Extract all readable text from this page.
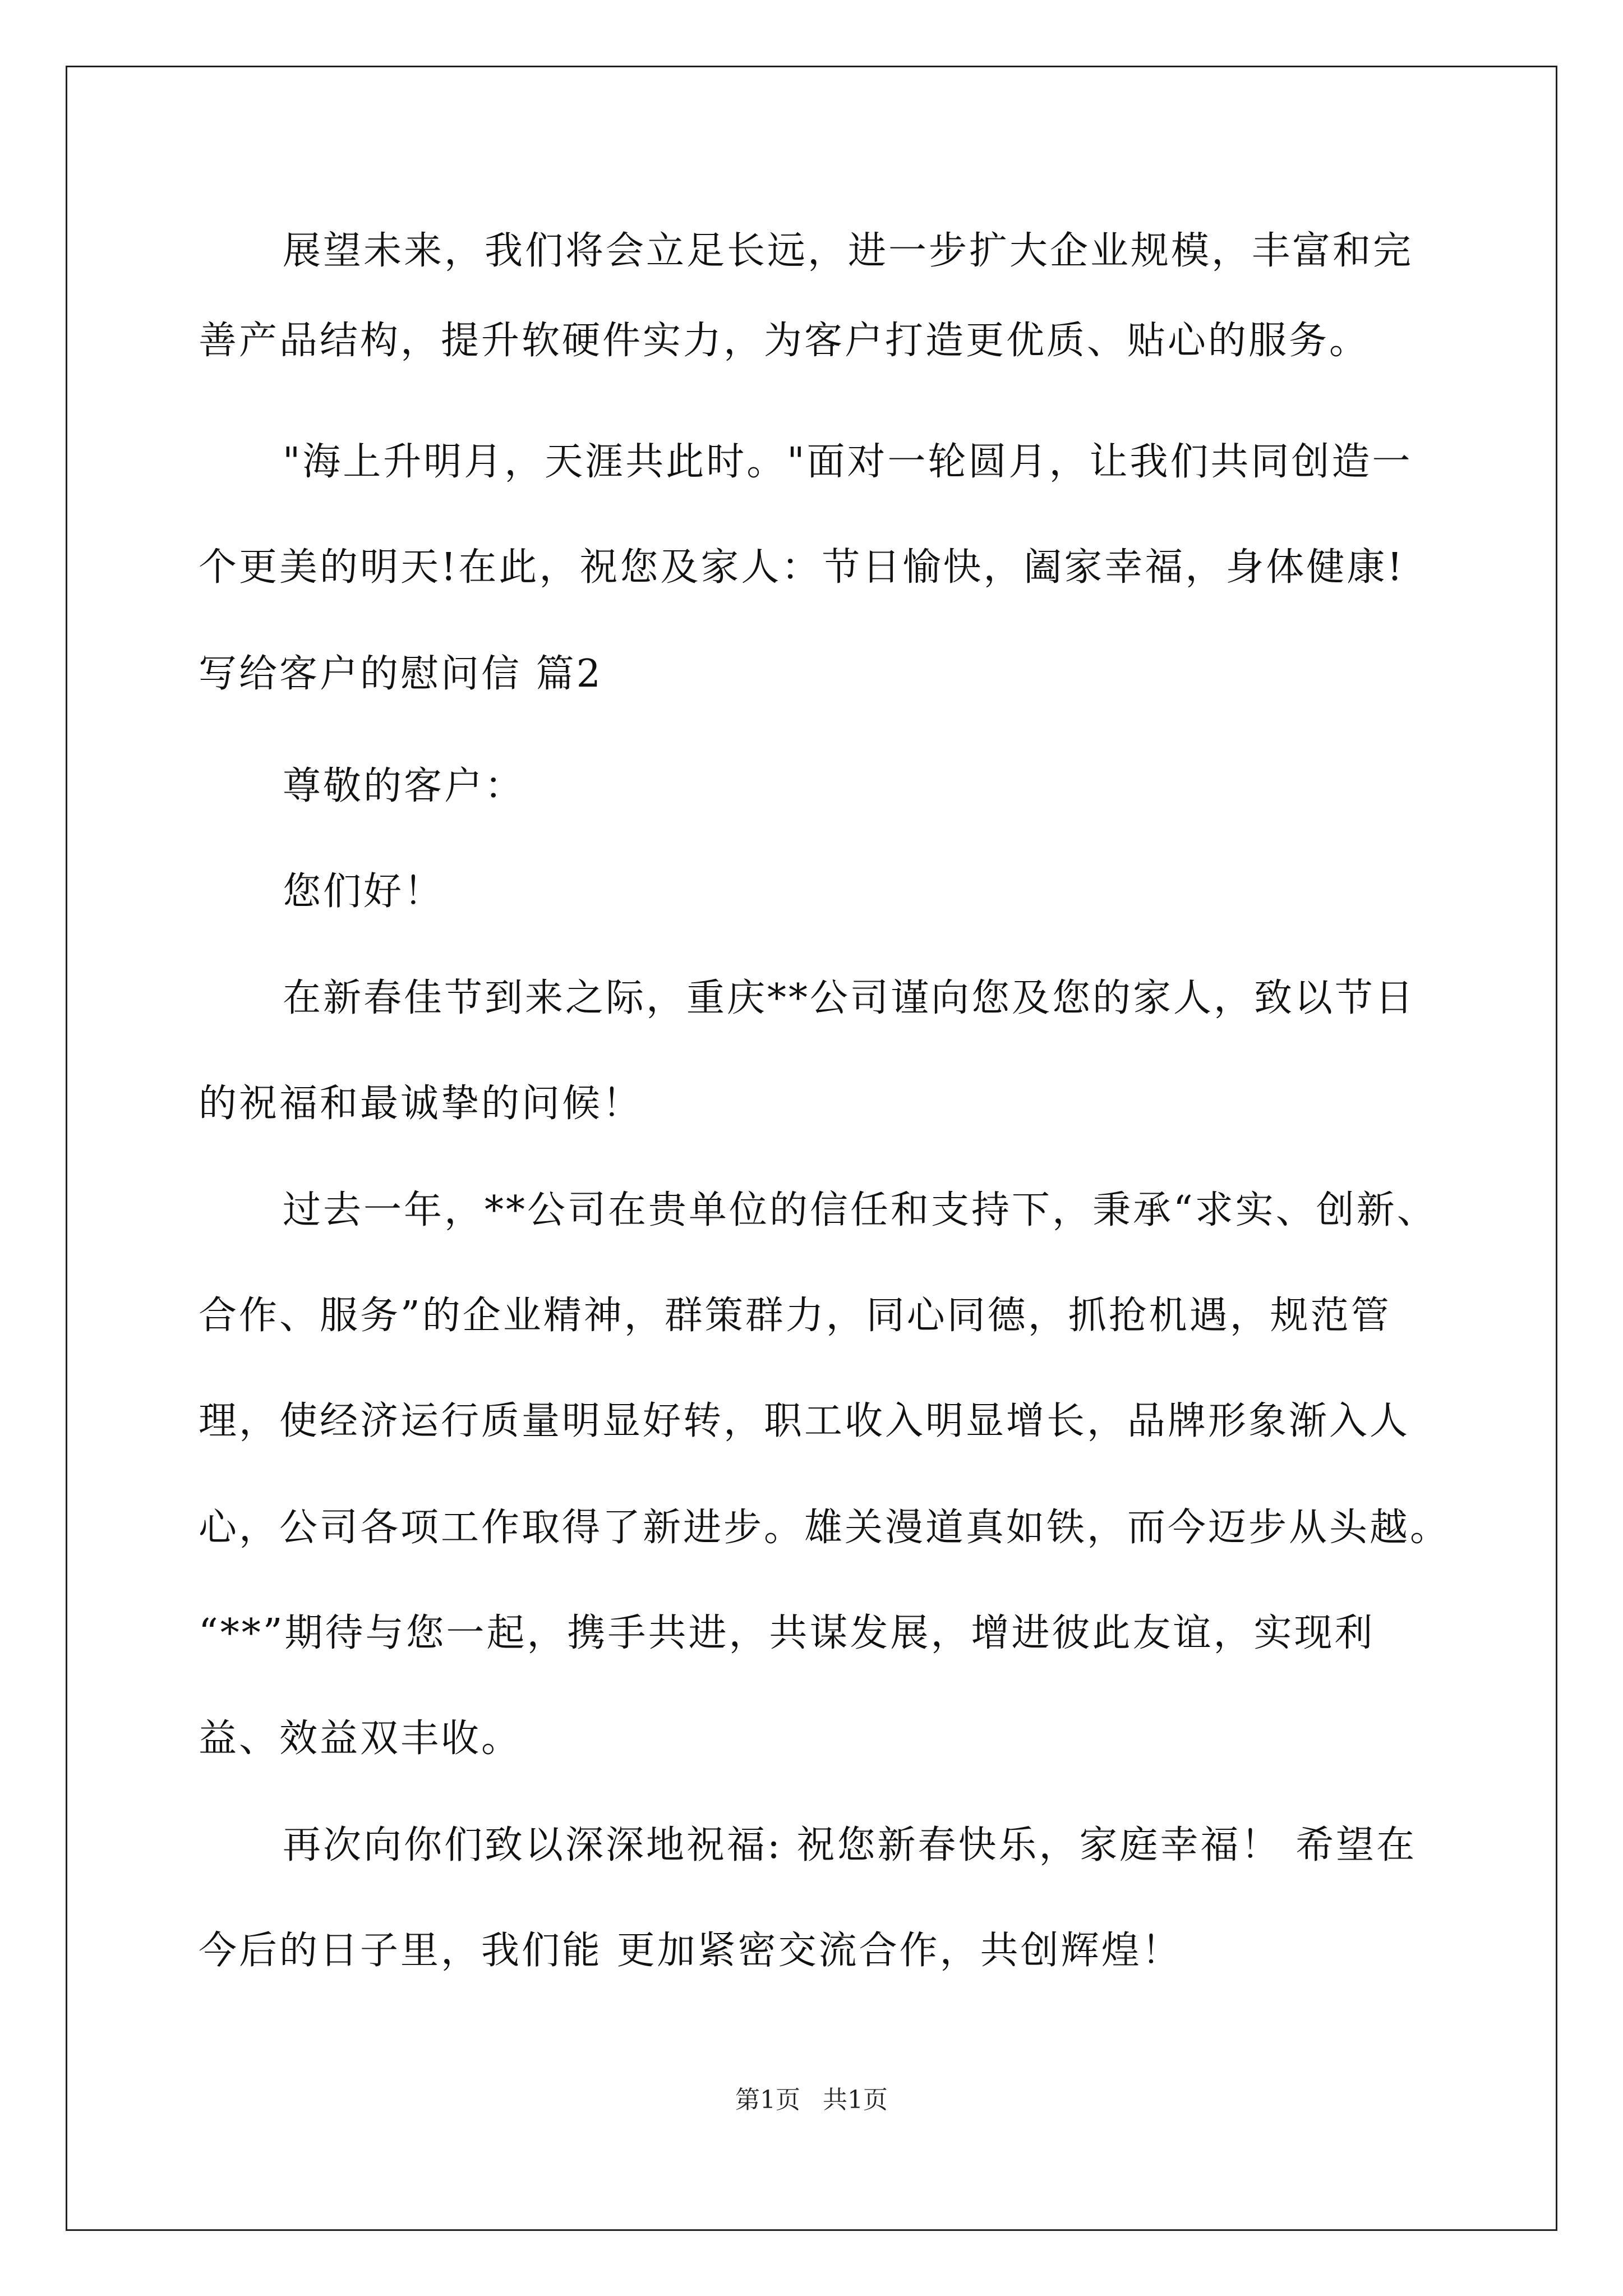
展望未来，我们将会立足长远，进一步扩大企业规模，丰富和完
善产品结构，提升软硬件实力，为客户打造更优质、贴心的服务。
"海上升明月，天涯共此时。"面对一轮圆月，让我们共同创造一
个更美的明天!在此，祝您及家人：节日愉快，阖家幸福，身体健康!
写给客户的慰问信 篇2
尊敬的客户：
您们好！
在新春佳节到来之际，重庆**公司谨向您及您的家人，致以节日
的祝福和最诚挚的问候！
过去一年，**公司在贵单位的信任和支持下，秉承“求实、创新、
合作、服务”的企业精神，群策群力，同心同德，抓抢机遇，规范管
理，使经济运行质量明显好转，职工收入明显增长，品牌形象渐入人
心，公司各项工作取得了新进步。雄关漫道真如铁，而今迈步从头越。
“**”期待与您一起，携手共进，共谋发展，增进彼此友谊，实现利
益、效益双丰收。
再次向你们致以深深地祝福: 祝您新春快乐，家庭幸福！ 希望在
今后的日子里，我们能 更加紧密交流合作，共创辉煌！
第1页 共1页
